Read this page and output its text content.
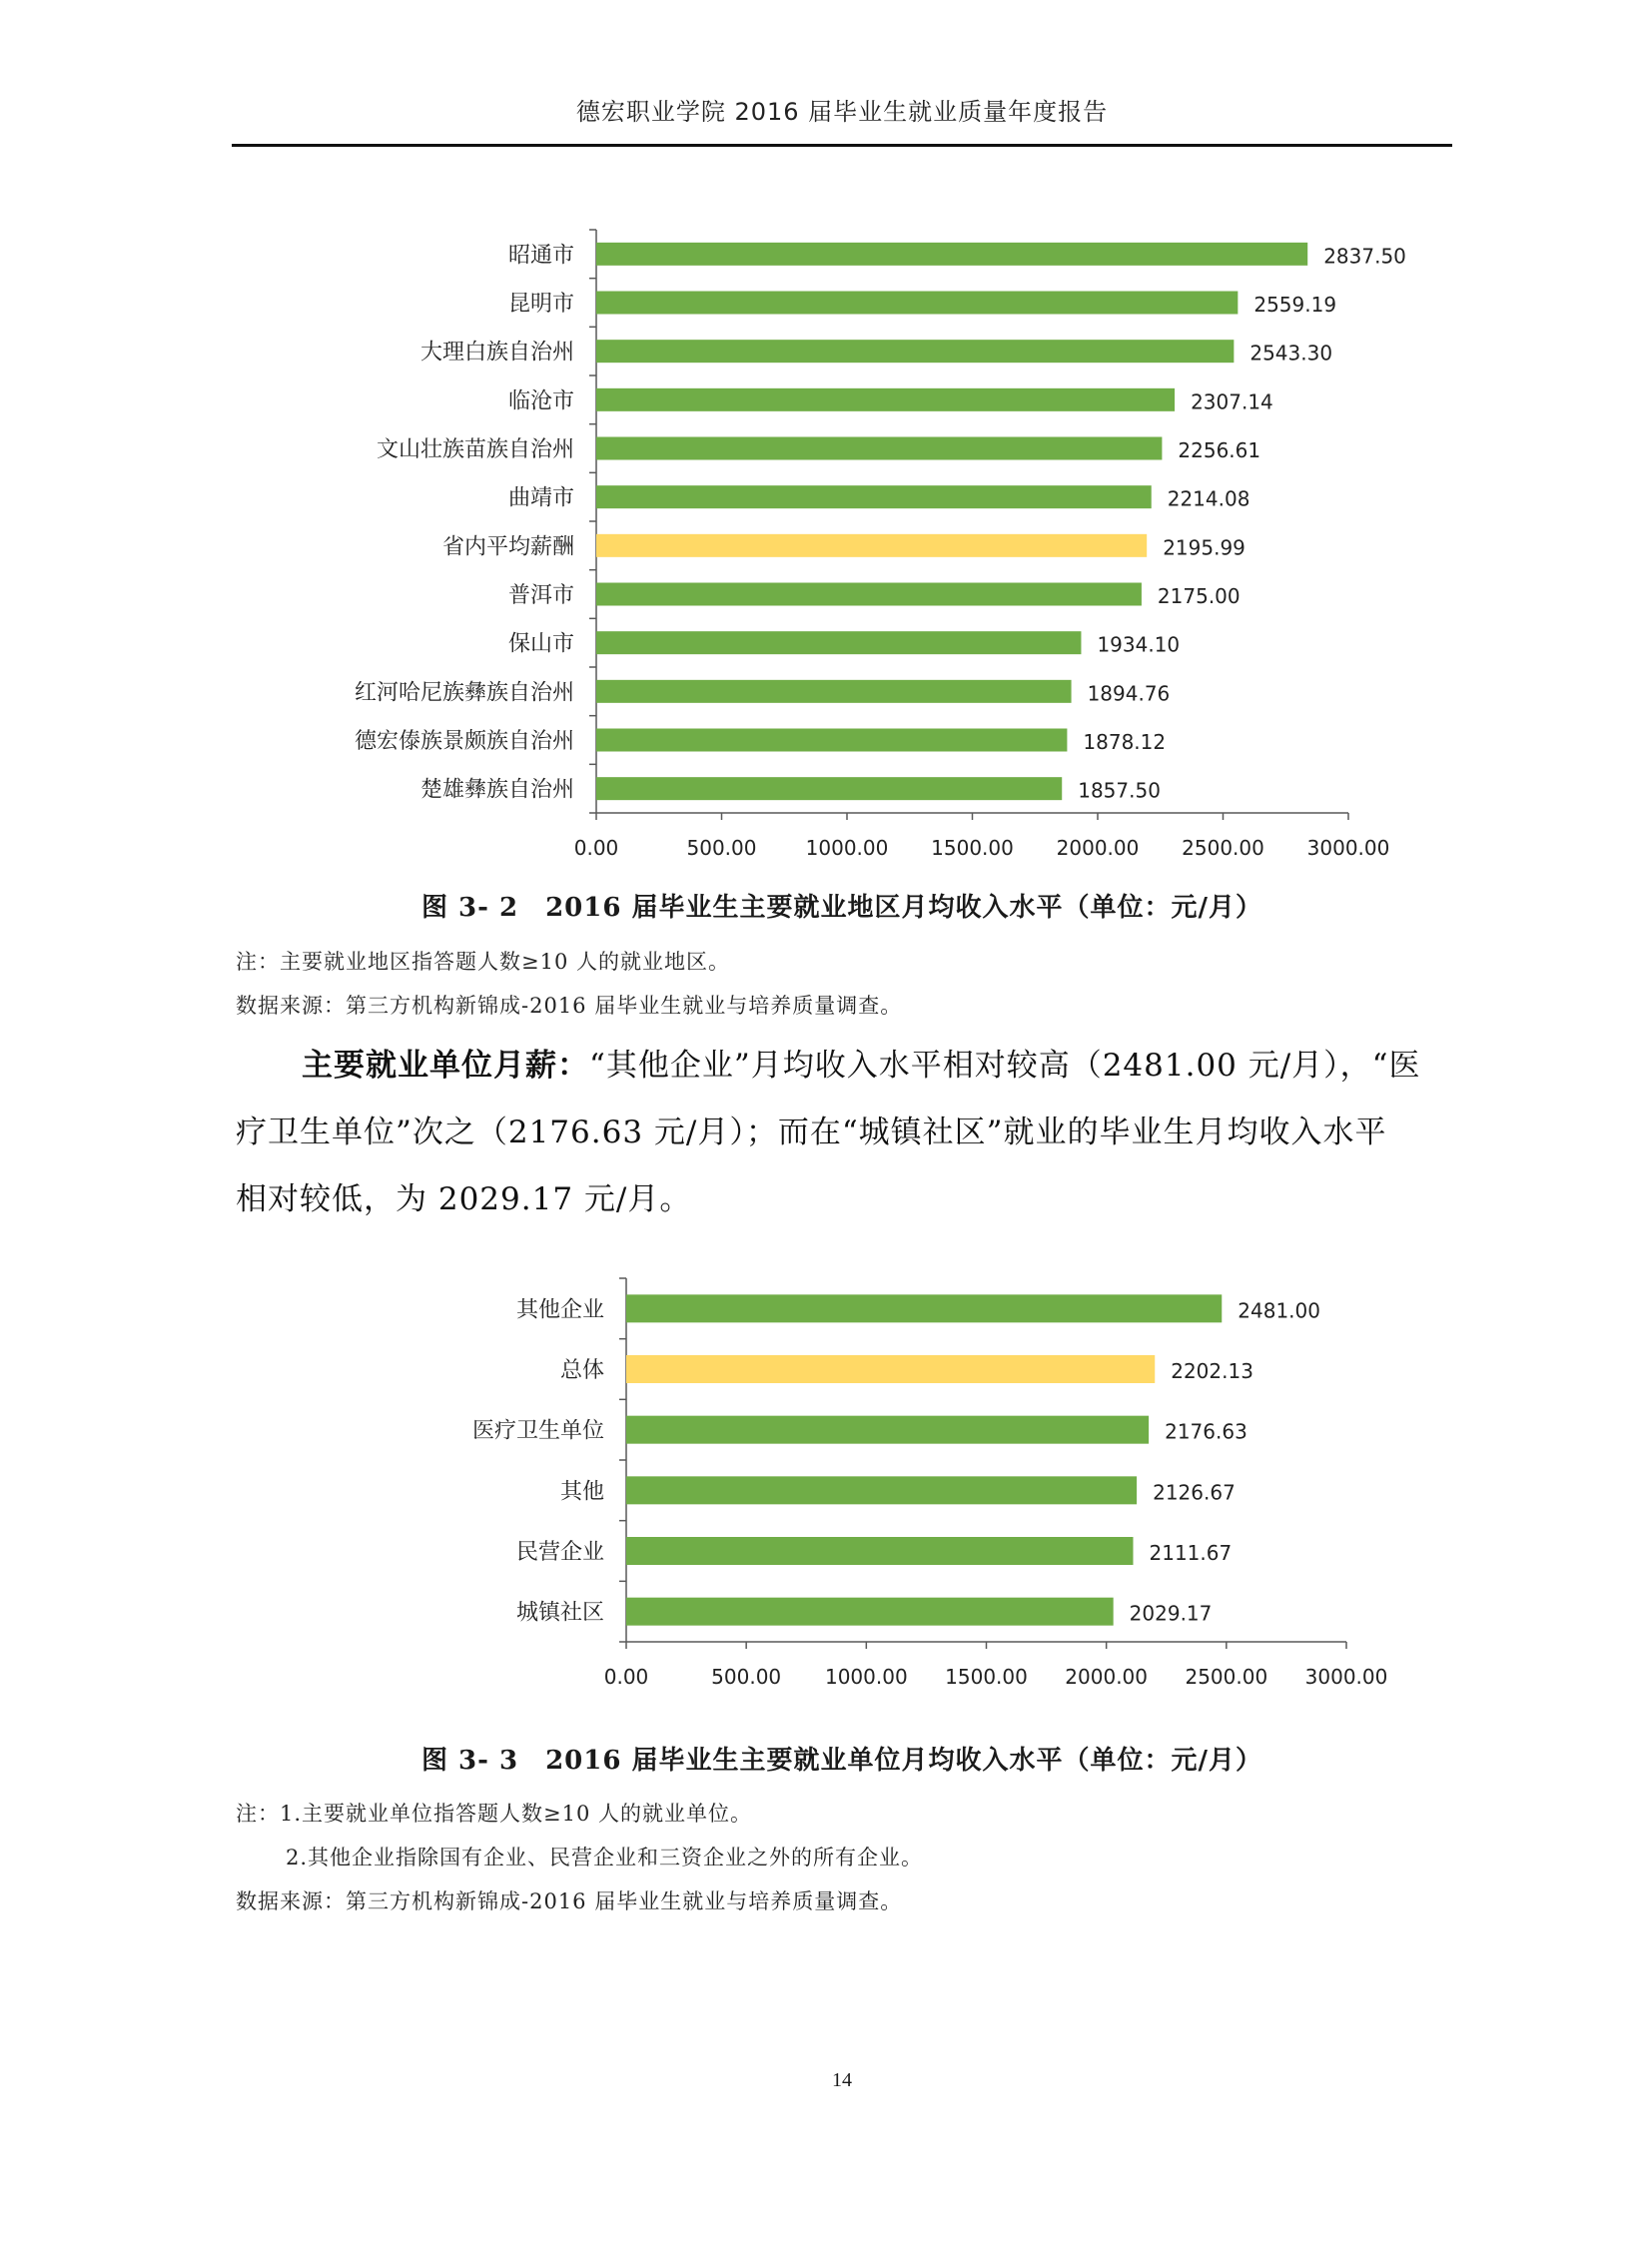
德宏职业学院 2016 届毕业生就业质量年度报告
0.00	500.00 1000.00 1500.00 2000.00 2500.00 3000.00
昭通市	2837.50
昆明市	2559.19
大理白族自治州	2543.30
临沧市	2307.14
文山壮族苗族自治州	2256.61
曲靖市	2214.08
省内平均薪酬	2195.99
普洱市	2175.00
保山市	1934.10
红河哈尼族彝族自治州	1894.76
德宏傣族景颇族自治州	1878.12
楚雄彝族自治州	1857.50
图 3- 2　2016 届毕业生主要就业地区月均收入水平（单位：元/月）
注：主要就业地区指答题人数≥10 人的就业地区。
数据来源：第三方机构新锦成-2016 届毕业生就业与培养质量调查。
主要就业单位月薪：“其他企业”月均收入水平相对较高（2481.00 元/月），“医
疗卫生单位”次之（2176.63 元/月）；而在“城镇社区”就业的毕业生月均收入水平
相对较低，为 2029.17 元/月。
0.00	500.00 1000.00 1500.00 2000.00 2500.00 3000.00
其他企业	2481.00
总体	2202.13
医疗卫生单位	2176.63
其他	2126.67
民营企业	2111.67
城镇社区	2029.17
图 3- 3　2016 届毕业生主要就业单位月均收入水平（单位：元/月）
注：1.主要就业单位指答题人数≥10 人的就业单位。
2.其他企业指除国有企业、民营企业和三资企业之外的所有企业。
数据来源：第三方机构新锦成-2016 届毕业生就业与培养质量调查。
14
